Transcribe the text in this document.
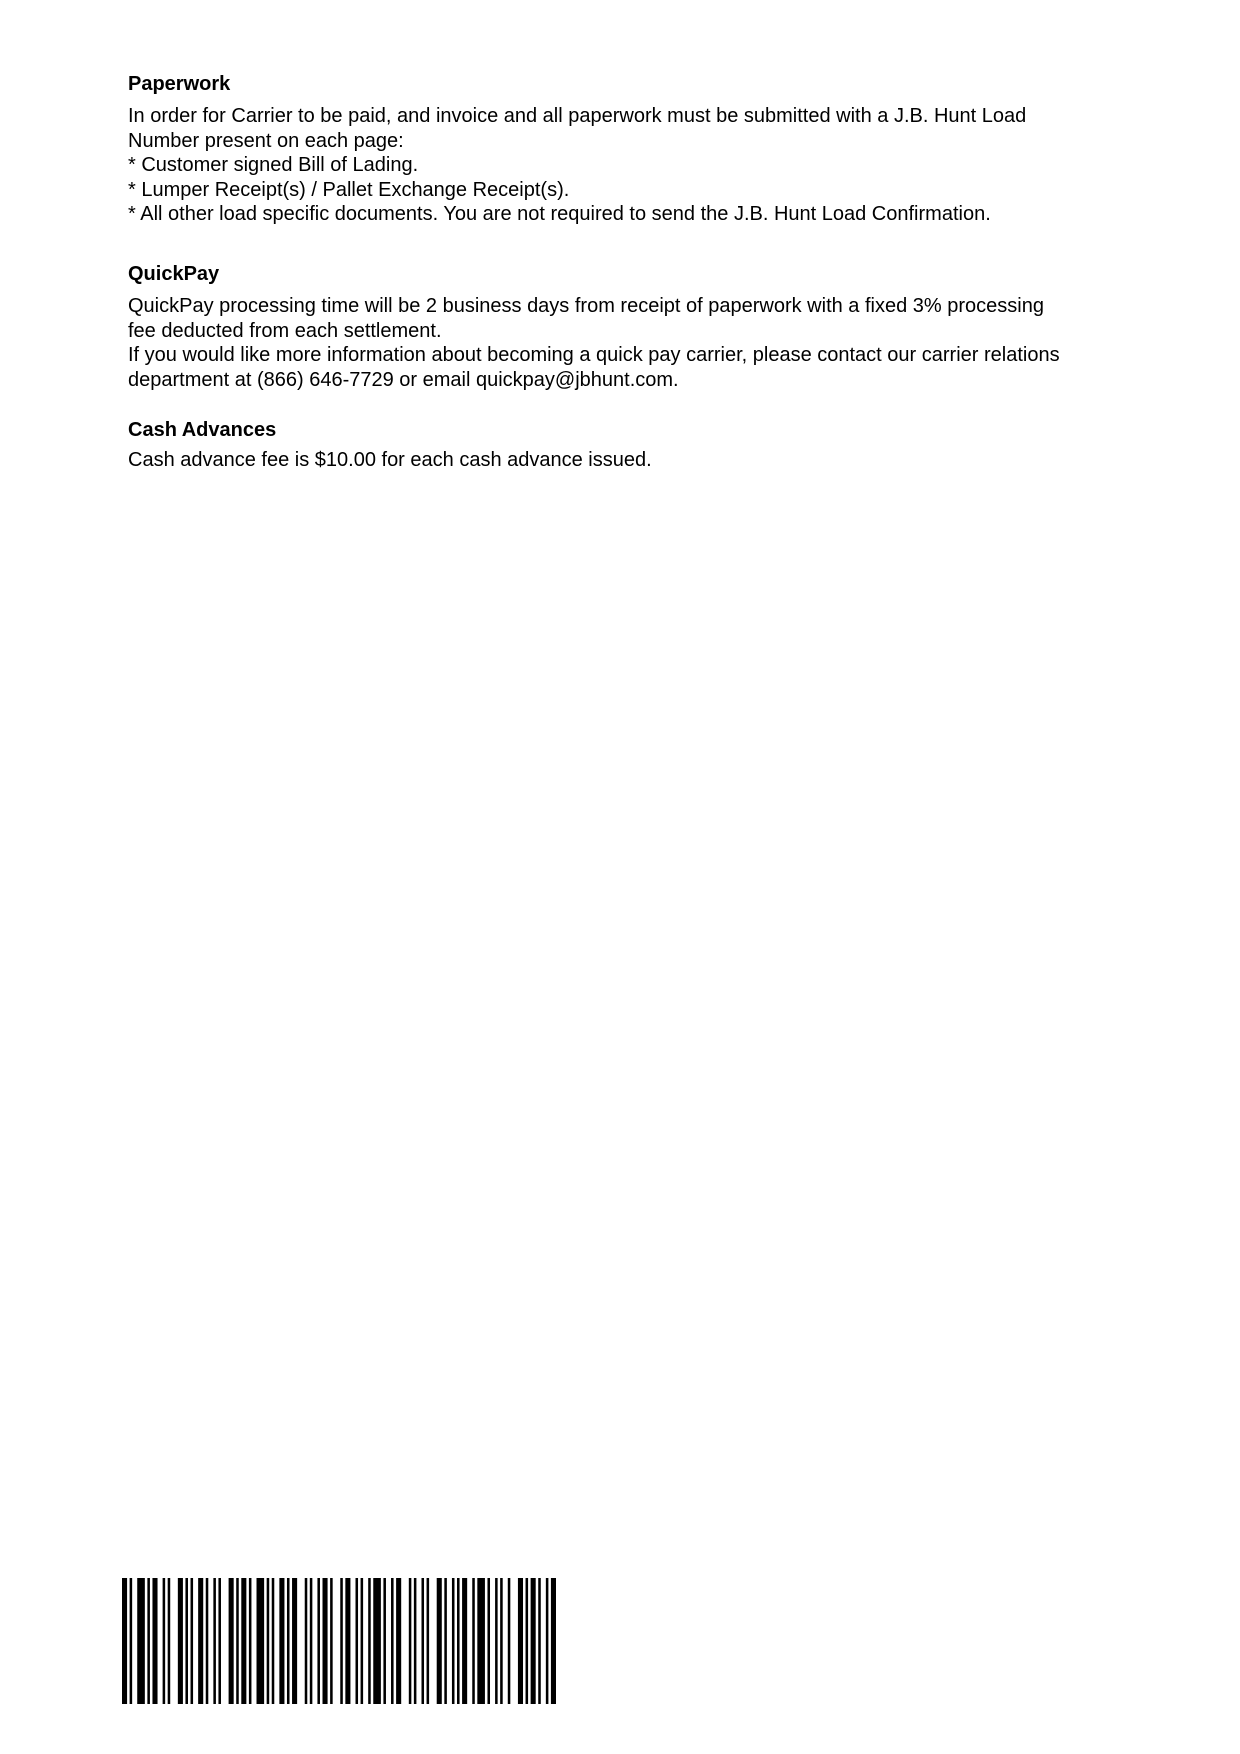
Paperwork

In order for Carrier to be paid, and invoice and all paperwork must be submitted with a J.B. Hunt Load

Number present on each page:

* Customer signed Bill of Lading.

* Lumper Receipt(s) / Pallet Exchange Receipt(s).

* All other load specific documents. You are not required to send the J.B. Hunt Load Confirmation.

QuickPay

QuickPay processing time will be 2 business days from receipt of paperwork with a fixed 3% processing

fee deducted from each settlement.

If you would like more information about becoming a quick pay carrier, please contact our carrier relations

department at (866) 646-7729 or email quickpay@jbhunt.com.

Cash Advances

Cash advance fee is $10.00 for each cash advance issued.
